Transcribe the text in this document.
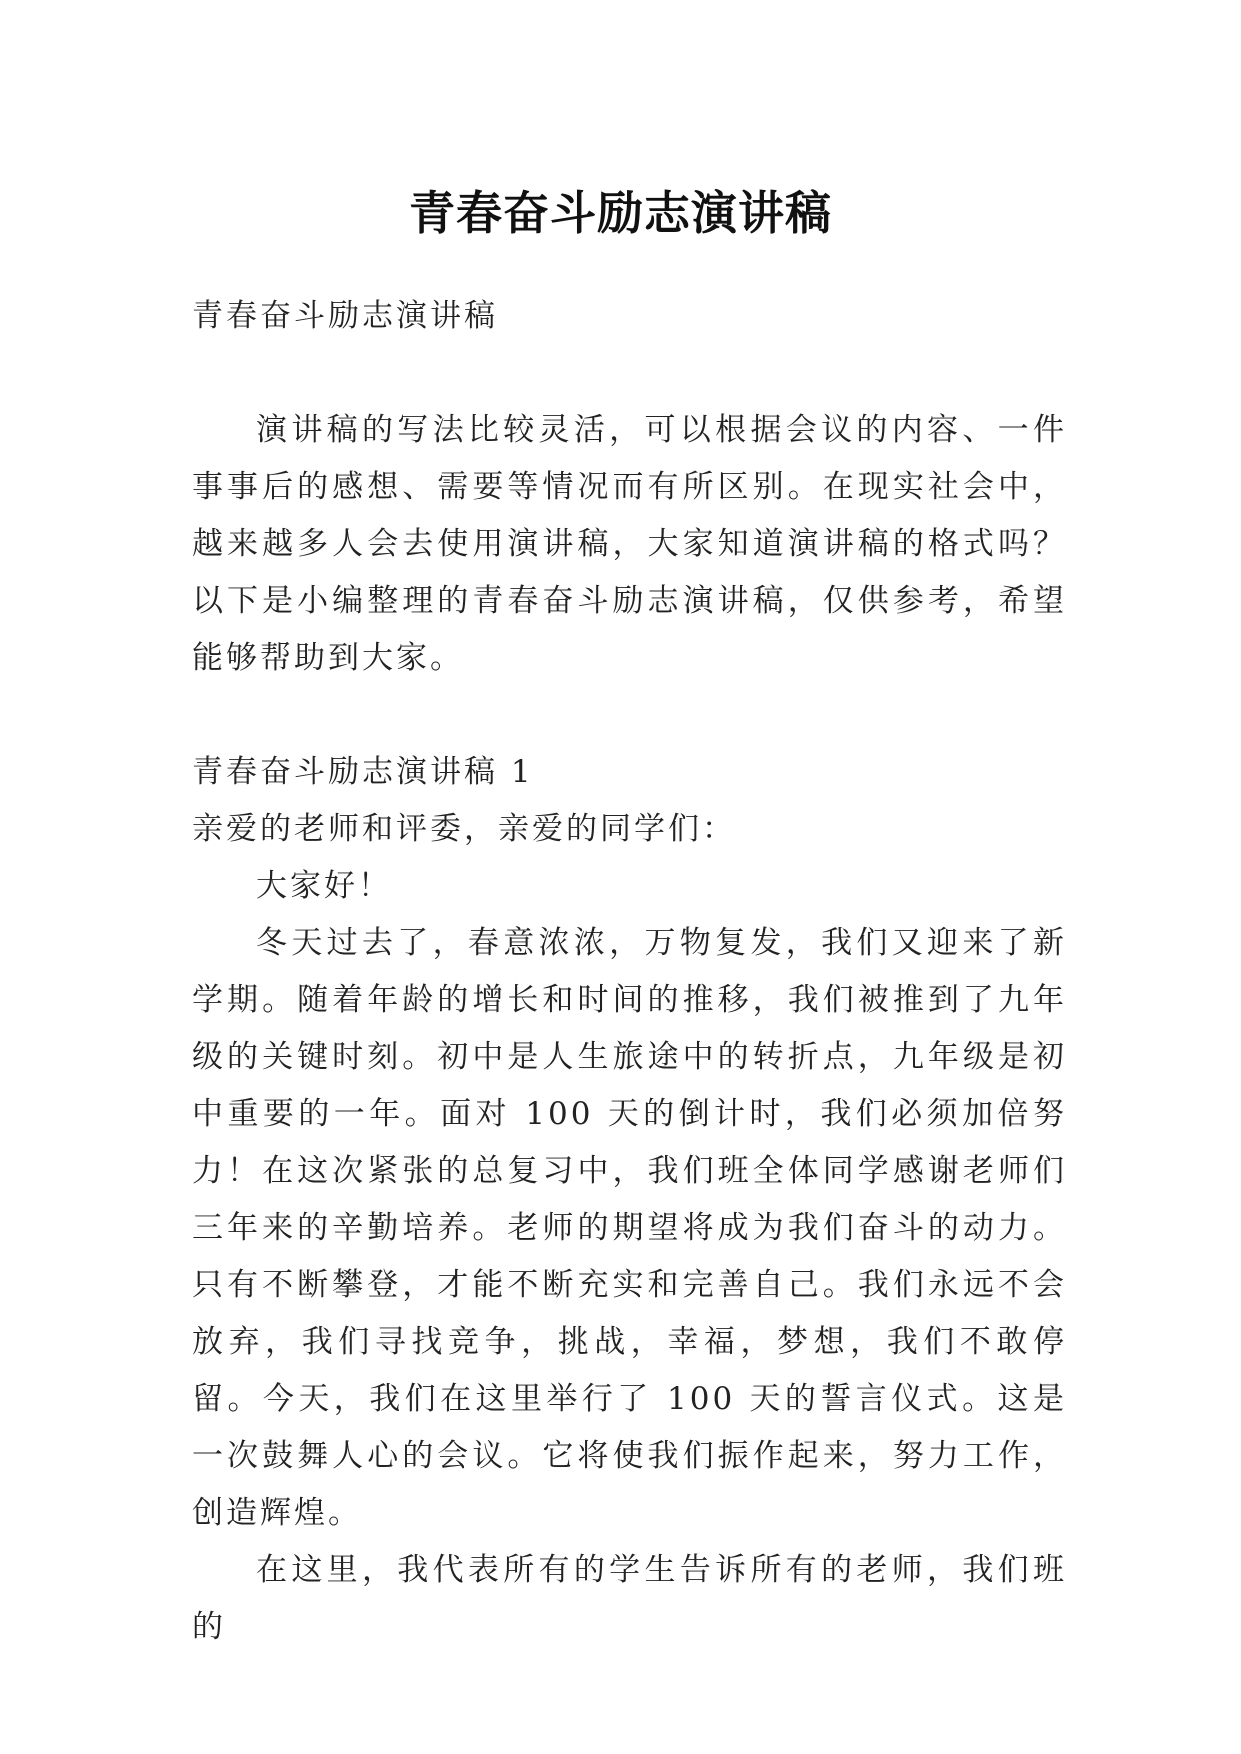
青春奋斗励志演讲稿

青春奋斗励志演讲稿

演讲稿的写法比较灵活，可以根据会议的内容、一件事事后的感想、需要等情况而有所区别。在现实社会中，越来越多人会去使用演讲稿，大家知道演讲稿的格式吗？以下是小编整理的青春奋斗励志演讲稿，仅供参考，希望能够帮助到大家。

青春奋斗励志演讲稿 1

亲爱的老师和评委，亲爱的同学们：

大家好！

冬天过去了，春意浓浓，万物复发，我们又迎来了新学期。随着年龄的增长和时间的推移，我们被推到了九年级的关键时刻。初中是人生旅途中的转折点，九年级是初中重要的一年。面对 100 天的倒计时，我们必须加倍努力！在这次紧张的总复习中，我们班全体同学感谢老师们三年来的辛勤培养。老师的期望将成为我们奋斗的动力。只有不断攀登，才能不断充实和完善自己。我们永远不会放弃，我们寻找竞争，挑战，幸福，梦想，我们不敢停留。今天，我们在这里举行了 100 天的誓言仪式。这是一次鼓舞人心的会议。它将使我们振作起来，努力工作，创造辉煌。

在这里，我代表所有的学生告诉所有的老师，我们班的
